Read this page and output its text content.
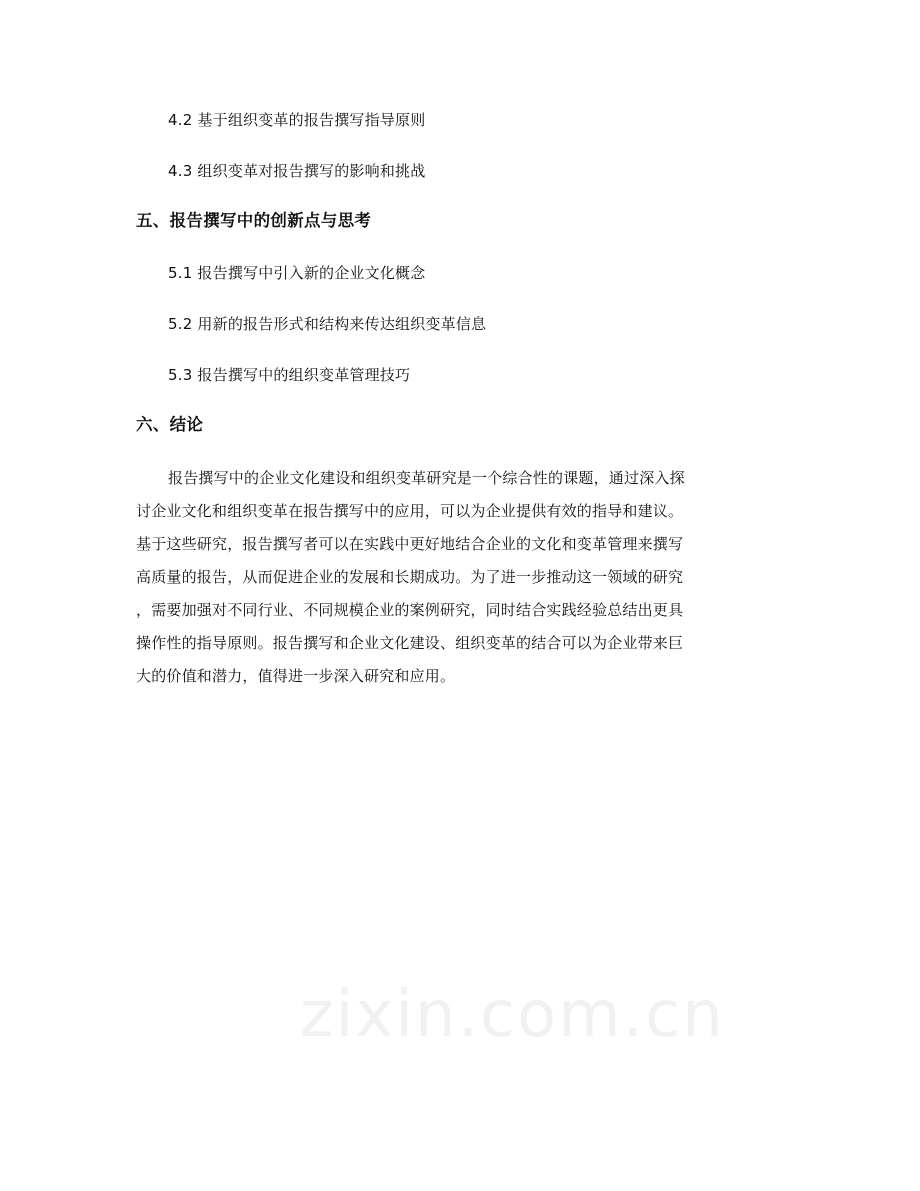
4.2 基于组织变革的报告撰写指导原则
4.3 组织变革对报告撰写的影响和挑战
五、报告撰写中的创新点与思考
5.1 报告撰写中引入新的企业文化概念
5.2 用新的报告形式和结构来传达组织变革信息
5.3 报告撰写中的组织变革管理技巧
六、结论
报告撰写中的企业文化建设和组织变革研究是一个综合性的课题，通过深入探
讨企业文化和组织变革在报告撰写中的应用，可以为企业提供有效的指导和建议。
基于这些研究，报告撰写者可以在实践中更好地结合企业的文化和变革管理来撰写
高质量的报告，从而促进企业的发展和长期成功。为了进一步推动这一领域的研究
，需要加强对不同行业、不同规模企业的案例研究，同时结合实践经验总结出更具
操作性的指导原则。报告撰写和企业文化建设、组织变革的结合可以为企业带来巨
大的价值和潜力，值得进一步深入研究和应用。
zixin.com.cn
